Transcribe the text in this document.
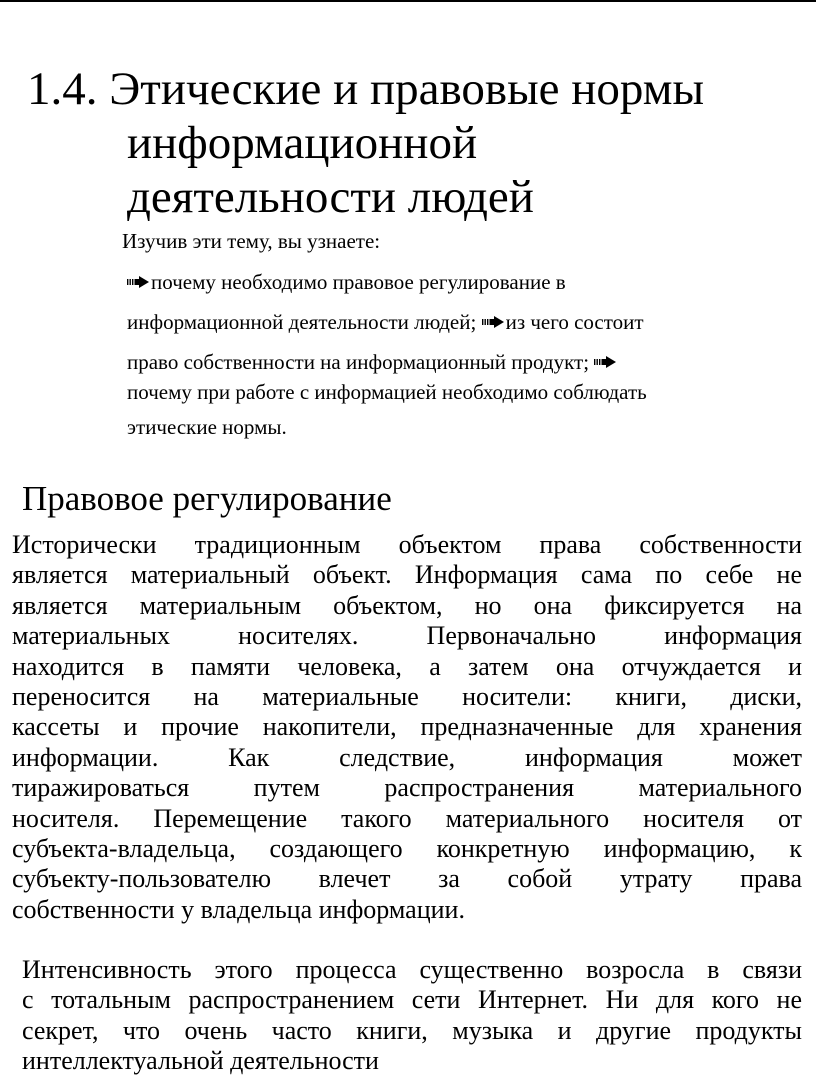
1.4. Этические и правовые нормы
информационной
деятельности людей
Изучив эти тему, вы узнаете:
почему необходимо правовое регулирование в
информационной деятельности людей; из чего состоит
право собственности на информационный продукт;
почему при работе с информацией необходимо соблюдать
этические нормы.
Правовое регулирование
Исторически традиционным объектом права собственности
является материальный объект. Информация сама по себе не
является материальным объектом, но она фиксируется на
материальных носителях. Первоначально информация
находится в памяти человека, а затем она отчуждается и
переносится на материальные носители: книги, диски,
кассеты и прочие накопители, предназначенные для хранения
информации. Как следствие, информация может
тиражироваться путем распространения материального
носителя. Перемещение такого материального носителя от
субъекта-владельца, создающего конкретную информацию, к
субъекту-пользователю влечет за собой утрату права
собственности у владельца информации.
Интенсивность этого процесса существенно возросла в связи
с тотальным распространением сети Интернет. Ни для кого не
секрет, что очень часто книги, музыка и другие продукты
интеллектуальной деятельности
